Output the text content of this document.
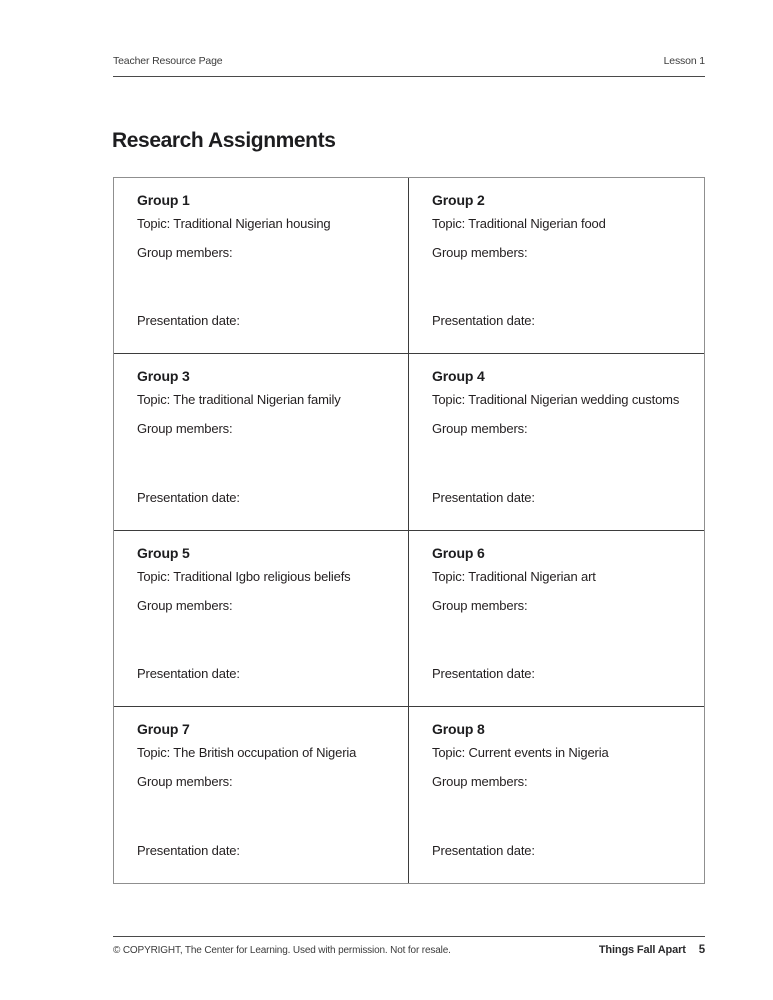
Teacher Resource Page	Lesson 1
Research Assignments
Group 1
Topic: Traditional Nigerian housing
Group members:
Presentation date:
Group 2
Topic: Traditional Nigerian food
Group members:
Presentation date:
Group 3
Topic: The traditional Nigerian family
Group members:
Presentation date:
Group 4
Topic: Traditional Nigerian wedding customs
Group members:
Presentation date:
Group 5
Topic: Traditional Igbo religious beliefs
Group members:
Presentation date:
Group 6
Topic: Traditional Nigerian art
Group members:
Presentation date:
Group 7
Topic: The British occupation of Nigeria
Group members:
Presentation date:
Group 8
Topic: Current events in Nigeria
Group members:
Presentation date:
© COPYRIGHT, The Center for Learning. Used with permission. Not for resale.	Things Fall Apart 5
